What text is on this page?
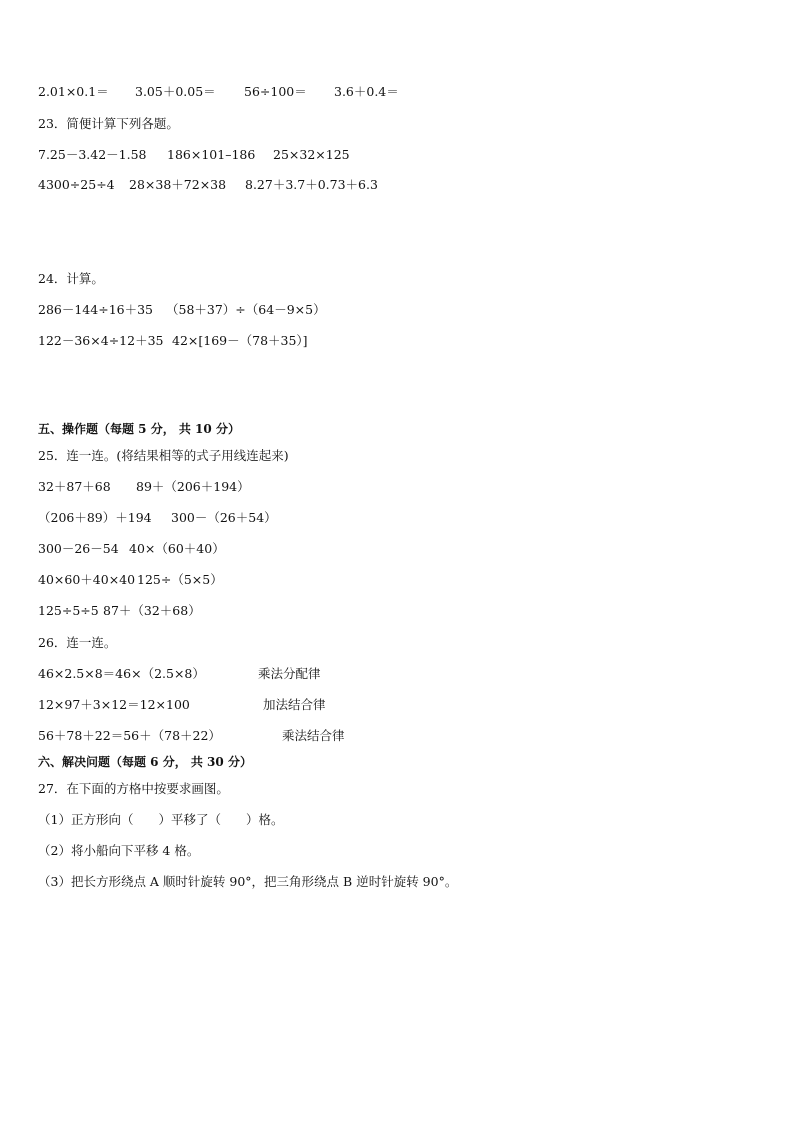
2.01×0.1＝ 3.05＋0.05＝ 56÷100＝ 3.6＋0.4＝
23．简便计算下列各题。
7.25－3.42－1.58 186×101–186 25×32×125
4300÷25÷4 28×38＋72×38 8.27＋3.7＋0.73＋6.3
24．计算。
286－144÷16＋35 （58＋37）÷（64－9×5）
122－36×4÷12＋35 42×[169－（78＋35）]
五、操作题（每题 5 分， 共 10 分）
25．连一连。(将结果相等的式子用线连起来)
32＋87＋68 89＋（206＋194）
（206＋89）＋194 300－（26＋54）
300－26－54 40×（60＋40）
40×60＋40×40 125÷（5×5）
125÷5÷5 87＋（32＋68）
26．连一连。
46×2.5×8＝46×（2.5×8）	乘法分配律
12×97＋3×12＝12×100	加法结合律
56＋78＋22＝56＋（78＋22）	乘法结合律
六、解决问题（每题 6 分， 共 30 分）
27．在下面的方格中按要求画图。
（1）正方形向（　　）平移了（　　）格。
（2）将小船向下平移 4 格。
（3）把长方形绕点 A 顺时针旋转 90°，把三角形绕点 B 逆时针旋转 90°。
